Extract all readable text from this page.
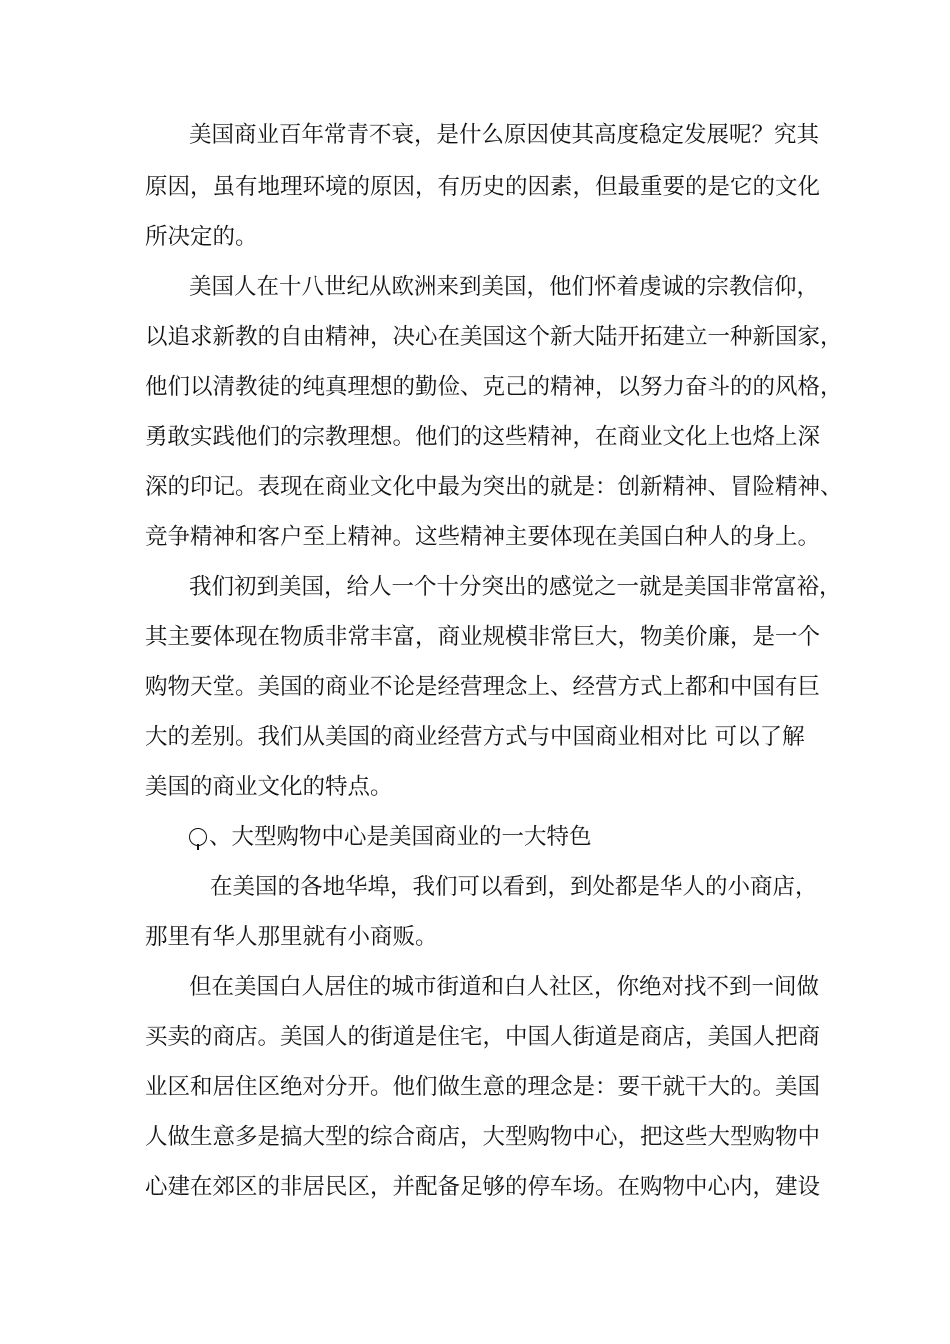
美国商业百年常青不衰，是什么原因使其高度稳定发展呢？究其
原因，虽有地理环境的原因，有历史的因素，但最重要的是它的文化
所决定的。
美国人在十八世纪从欧洲来到美国，他们怀着虔诚的宗教信仰，
以追求新教的自由精神，决心在美国这个新大陆开拓建立一种新国家，
他们以清教徒的纯真理想的勤俭、克己的精神，以努力奋斗的的风格，
勇敢实践他们的宗教理想。他们的这些精神，在商业文化上也烙上深
深的印记。表现在商业文化中最为突出的就是：创新精神、冒险精神、
竞争精神和客户至上精神。这些精神主要体现在美国白种人的身上。
我们初到美国，给人一个十分突出的感觉之一就是美国非常富裕，
其主要体现在物质非常丰富，商业规模非常巨大，物美价廉，是一个
购物天堂。美国的商业不论是经营理念上、经营方式上都和中国有巨
大的差别。我们从美国的商业经营方式与中国商业相对比 可以了解
美国的商业文化的特点。
、大型购物中心是美国商业的一大特色
在美国的各地华埠，我们可以看到，到处都是华人的小商店，
那里有华人那里就有小商贩。
但在美国白人居住的城市街道和白人社区，你绝对找不到一间做
买卖的商店。美国人的街道是住宅，中国人街道是商店，美国人把商
业区和居住区绝对分开。他们做生意的理念是：要干就干大的。美国
人做生意多是搞大型的综合商店，大型购物中心，把这些大型购物中
心建在郊区的非居民区，并配备足够的停车场。在购物中心内，建设
